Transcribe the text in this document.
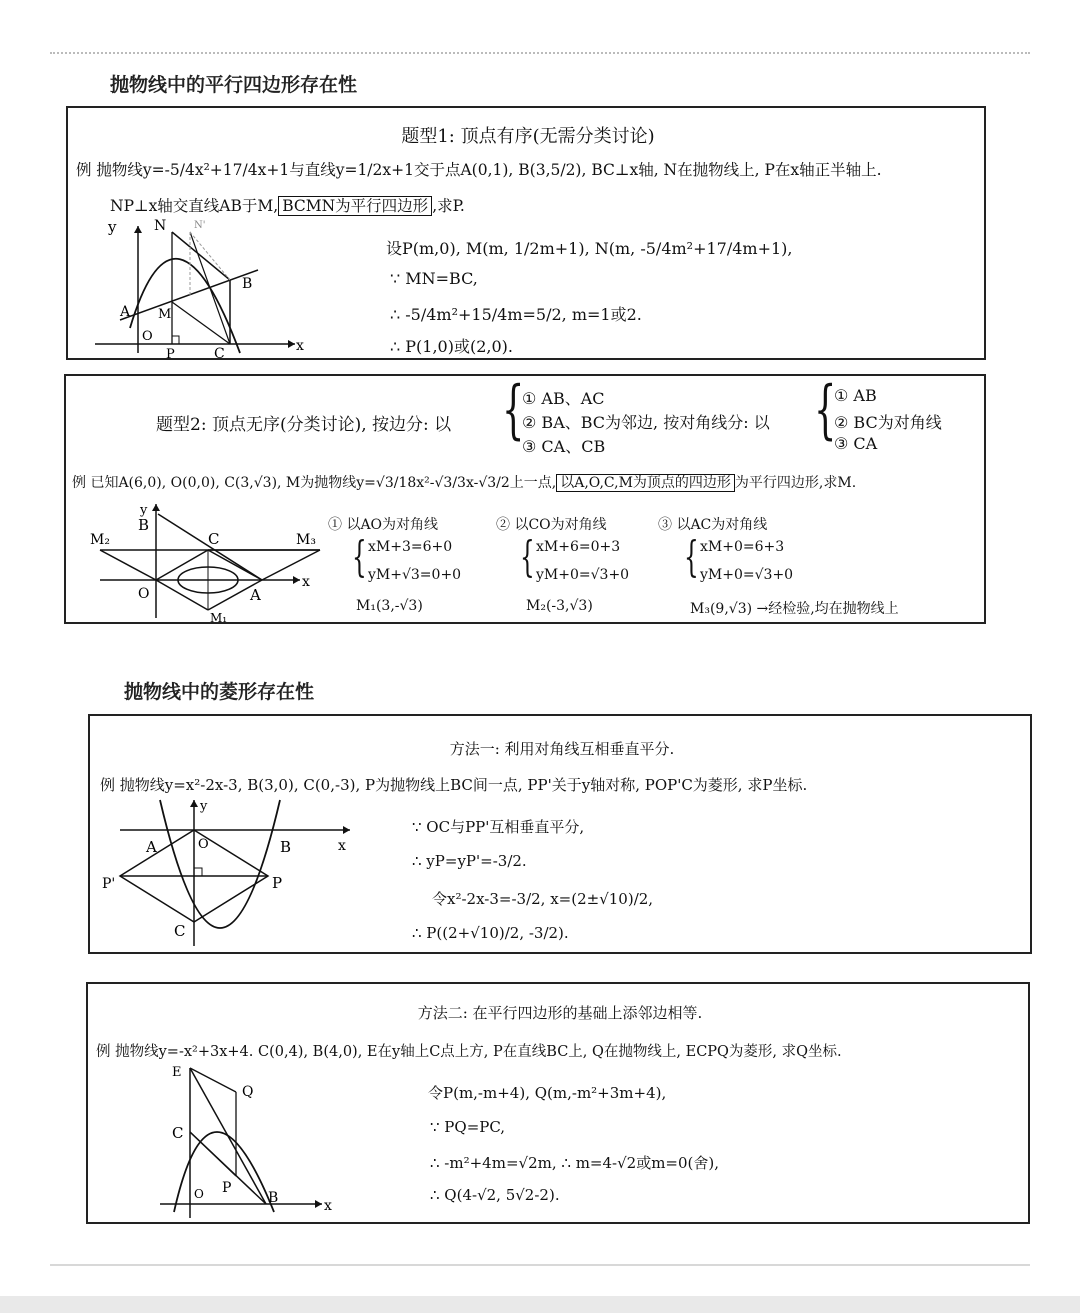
抛物线中的平行四边形存在性
题型1: 顶点有序(无需分类讨论)
例 抛物线y=-5/4x²+17/4x+1与直线y=1/2x+1交于点A(0,1), B(3,5/2), BC⊥x轴, N在抛物线上, P在x轴正半轴上.
NP⊥x轴交直线AB于M, BCMN为平行四边形 ,求P.
y
x
N	N'
B
A M
O
P	C
设P(m,0), M(m, 1/2m+1), N(m, -5/4m²+17/4m+1),
∵ MN=BC,
∴ -5/4m²+15/4m=5/2, m=1或2.
∴ P(1,0)或(2,0).
题型2: 顶点无序(分类讨论), 按边分: 以 {
① AB、AC
② BA、BC为邻边, 按对角线分: 以
③ CA、CB	{
① AB
② BC为对角线
③ CA
例 已知A(6,0), O(0,0), C(3,√3), M为抛物线y=√3/18x²-√3/3x-√3/2上一点, 以A,O,C,M为顶点的四边形 为平行四边形,求M.
y
x
B
C
M₂	M₃
O	A
M₁
① 以AO为对角线
{ xM+3=6+0
yM+√3=0+0
M₁(3,-√3)
② 以CO为对角线
{ xM+6=0+3
yM+0=√3+0
M₂(-3,√3)
③ 以AC为对角线
{ xM+0=6+3
yM+0=√3+0
M₃(9,√3) →经检验,均在抛物线上
抛物线中的菱形存在性
方法一: 利用对角线互相垂直平分.
例 抛物线y=x²-2x-3, B(3,0), C(0,-3), P为抛物线上BC间一点, PP'关于y轴对称, POP'C为菱形, 求P坐标.
y
x
A	O	B
P'	P
C
∵ OC与PP'互相垂直平分,
∴ yP=yP'=-3/2.
令x²-2x-3=-3/2, x=(2±√10)/2,
∴ P((2+√10)/2, -3/2).
方法二: 在平行四边形的基础上添邻边相等.
例 抛物线y=-x²+3x+4. C(0,4), B(4,0), E在y轴上C点上方, P在直线BC上, Q在抛物线上, ECPQ为菱形, 求Q坐标.
E
C
Q
P
O	B	x
令P(m,-m+4), Q(m,-m²+3m+4),
∵ PQ=PC,
∴ -m²+4m=√2m, ∴ m=4-√2或m=0(舍),
∴ Q(4-√2, 5√2-2).
